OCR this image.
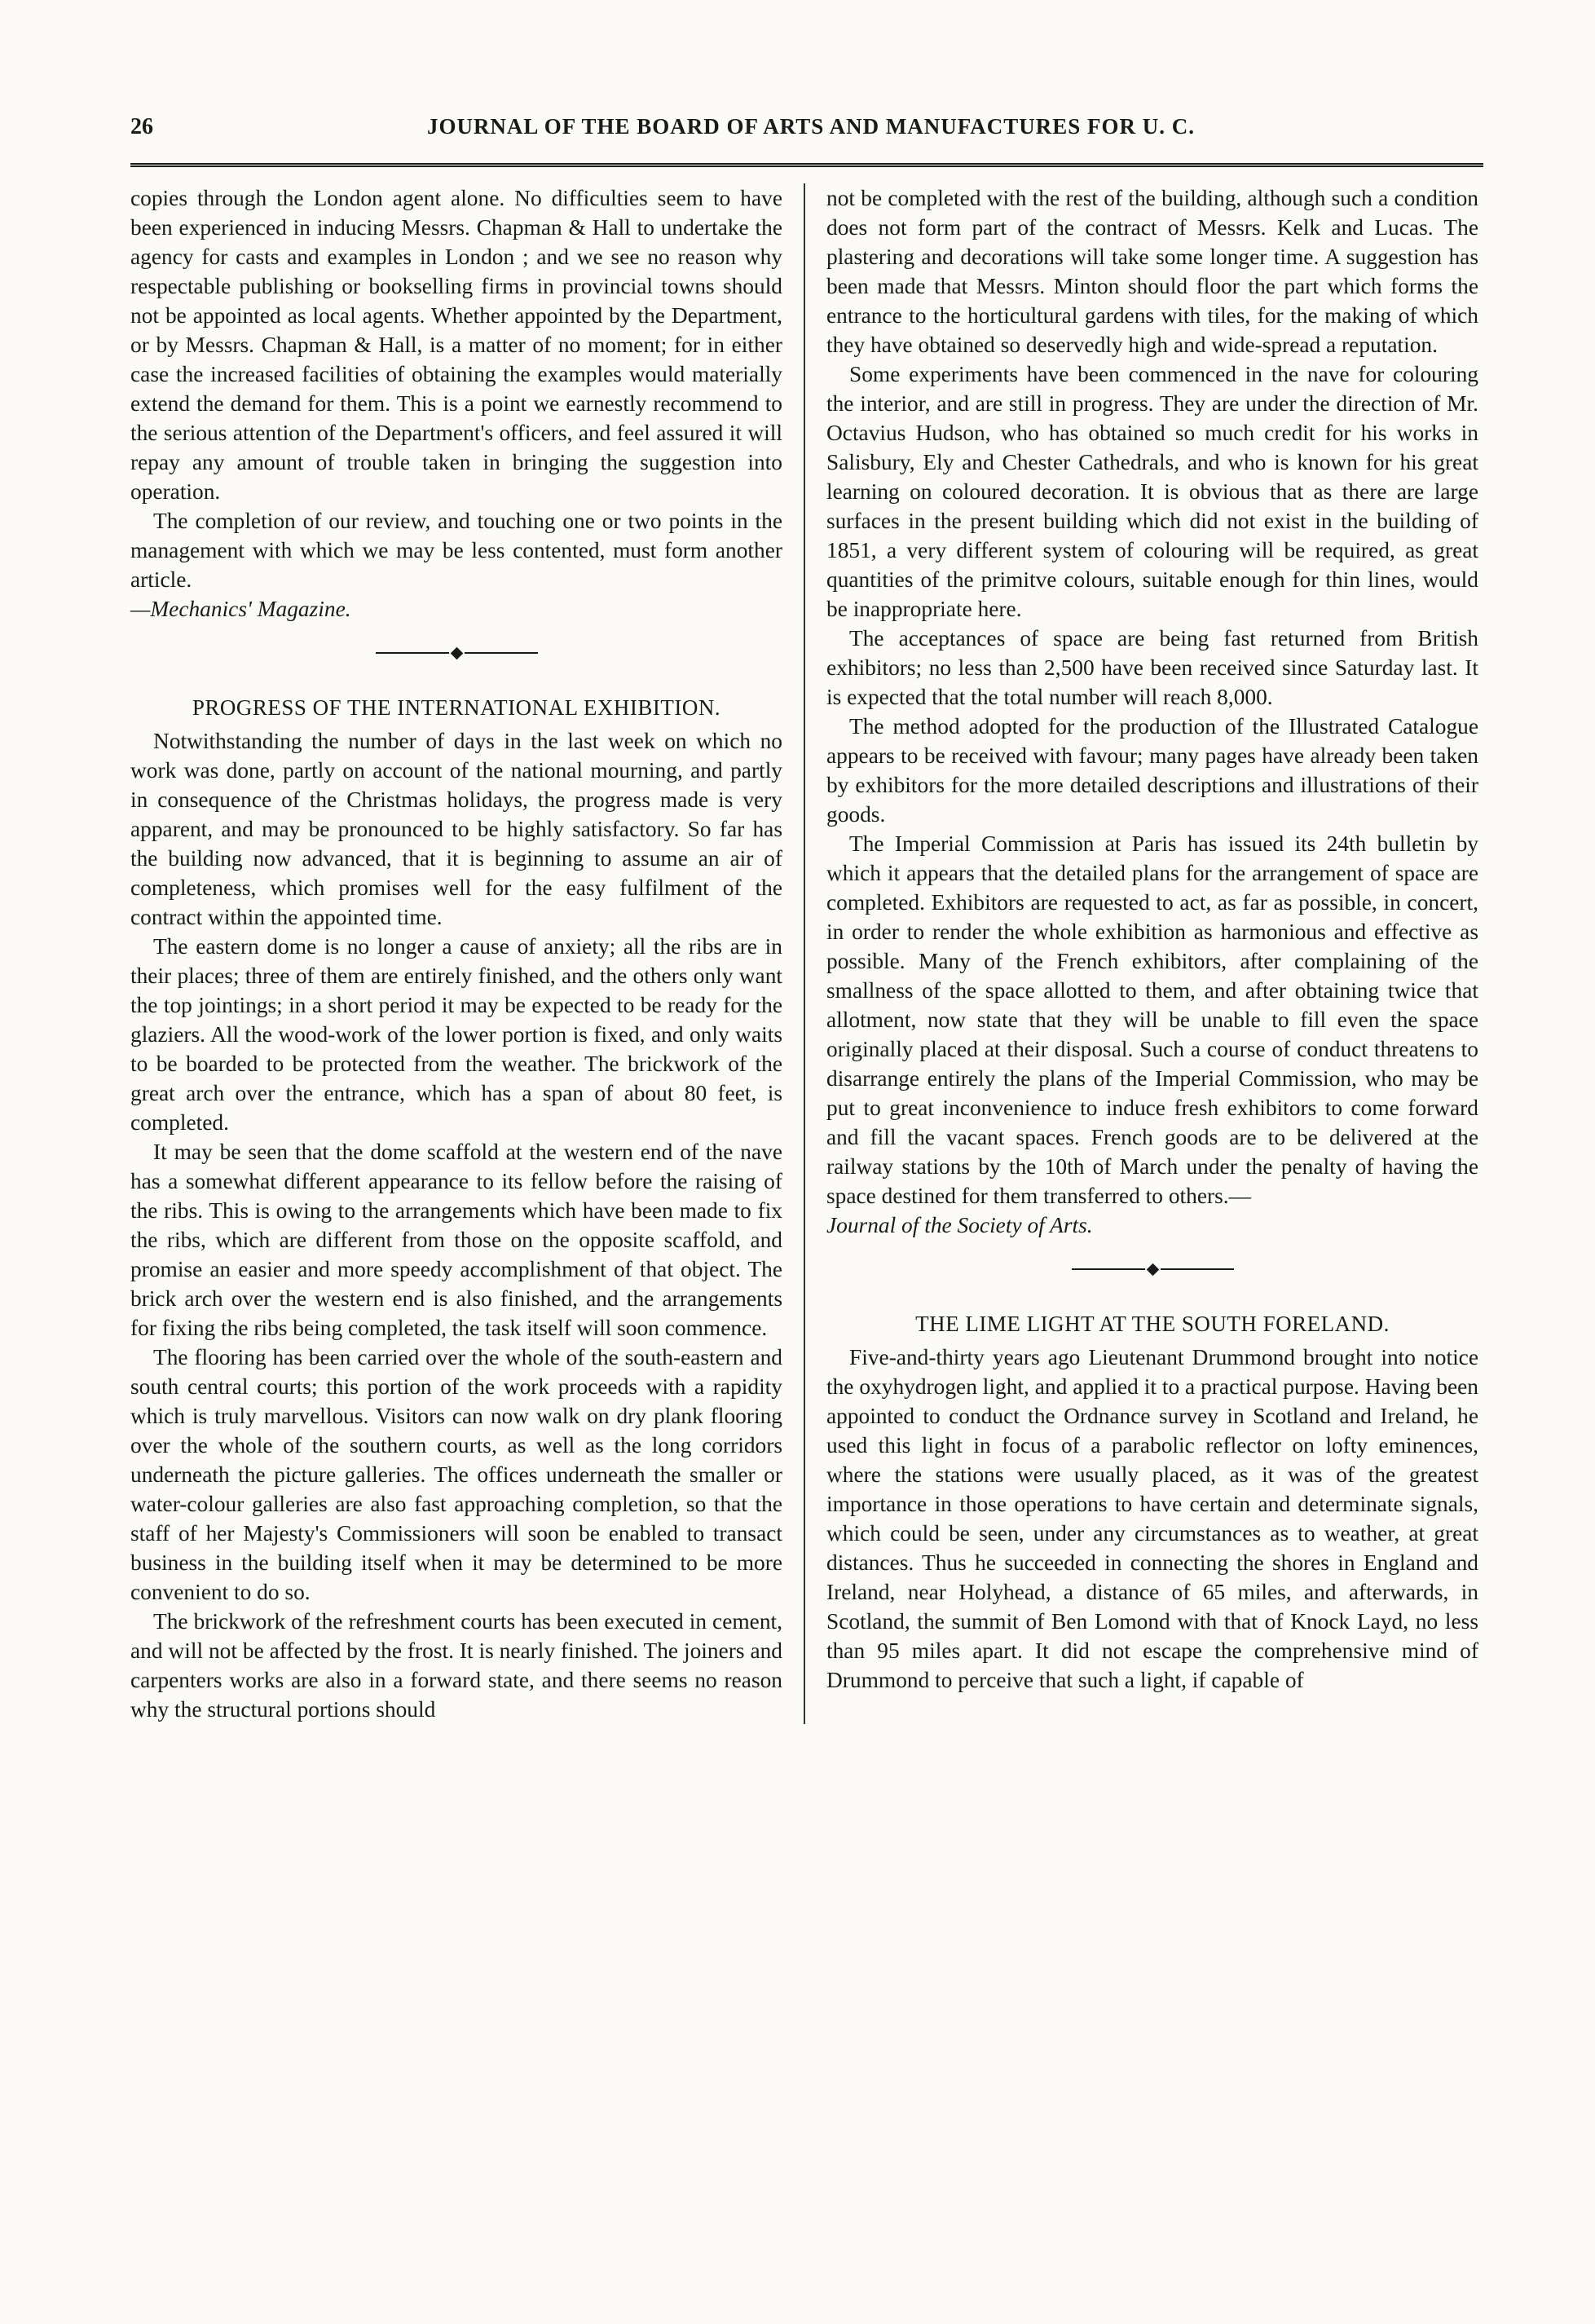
26	JOURNAL OF THE BOARD OF ARTS AND MANUFACTURES FOR U. C.

copies through the London agent alone. No difficulties seem to have been experienced in inducing Messrs. Chapman & Hall to undertake the agency for casts and examples in London ; and we see no reason why respectable publishing or bookselling firms in provincial towns should not be appointed as local agents. Whether appointed by the Department, or by Messrs. Chapman & Hall, is a matter of no moment; for in either case the increased facilities of obtaining the examples would materially extend the demand for them. This is a point we earnestly recommend to the serious attention of the Department's officers, and feel assured it will repay any amount of trouble taken in bringing the suggestion into operation.

The completion of our review, and touching one or two points in the management with which we may be less contented, must form another article.

—Mechanics' Magazine.

PROGRESS OF THE INTERNATIONAL EXHIBITION.

Notwithstanding the number of days in the last week on which no work was done, partly on account of the national mourning, and partly in consequence of the Christmas holidays, the progress made is very apparent, and may be pronounced to be highly satisfactory. So far has the building now advanced, that it is beginning to assume an air of completeness, which promises well for the easy fulfilment of the contract within the appointed time.

The eastern dome is no longer a cause of anxiety; all the ribs are in their places; three of them are entirely finished, and the others only want the top jointings; in a short period it may be expected to be ready for the glaziers. All the wood-work of the lower portion is fixed, and only waits to be boarded to be protected from the weather. The brickwork of the great arch over the entrance, which has a span of about 80 feet, is completed.

It may be seen that the dome scaffold at the western end of the nave has a somewhat different appearance to its fellow before the raising of the ribs. This is owing to the arrangements which have been made to fix the ribs, which are different from those on the opposite scaffold, and promise an easier and more speedy accomplishment of that object. The brick arch over the western end is also finished, and the arrangements for fixing the ribs being completed, the task itself will soon commence.

The flooring has been carried over the whole of the south-eastern and south central courts; this portion of the work proceeds with a rapidity which is truly marvellous. Visitors can now walk on dry plank flooring over the whole of the southern courts, as well as the long corridors underneath the picture galleries. The offices underneath the smaller or water-colour galleries are also fast approaching completion, so that the staff of her Majesty's Commissioners will soon be enabled to transact business in the building itself when it may be determined to be more convenient to do so.

The brickwork of the refreshment courts has been executed in cement, and will not be affected by the frost. It is nearly finished. The joiners and carpenters works are also in a forward state, and there seems no reason why the structural portions should

not be completed with the rest of the building, although such a condition does not form part of the contract of Messrs. Kelk and Lucas. The plastering and decorations will take some longer time. A suggestion has been made that Messrs. Minton should floor the part which forms the entrance to the horticultural gardens with tiles, for the making of which they have obtained so deservedly high and wide-spread a reputation.

Some experiments have been commenced in the nave for colouring the interior, and are still in progress. They are under the direction of Mr. Octavius Hudson, who has obtained so much credit for his works in Salisbury, Ely and Chester Cathedrals, and who is known for his great learning on coloured decoration. It is obvious that as there are large surfaces in the present building which did not exist in the building of 1851, a very different system of colouring will be required, as great quantities of the primitve colours, suitable enough for thin lines, would be inappropriate here.

The acceptances of space are being fast returned from British exhibitors; no less than 2,500 have been received since Saturday last. It is expected that the total number will reach 8,000.

The method adopted for the production of the Illustrated Catalogue appears to be received with favour; many pages have already been taken by exhibitors for the more detailed descriptions and illustrations of their goods.

The Imperial Commission at Paris has issued its 24th bulletin by which it appears that the detailed plans for the arrangement of space are completed. Exhibitors are requested to act, as far as possible, in concert, in order to render the whole exhibition as harmonious and effective as possible. Many of the French exhibitors, after complaining of the smallness of the space allotted to them, and after obtaining twice that allotment, now state that they will be unable to fill even the space originally placed at their disposal. Such a course of conduct threatens to disarrange entirely the plans of the Imperial Commission, who may be put to great inconvenience to induce fresh exhibitors to come forward and fill the vacant spaces. French goods are to be delivered at the railway stations by the 10th of March under the penalty of having the space destined for them transferred to others.—

Journal of the Society of Arts.

THE LIME LIGHT AT THE SOUTH FORELAND.

Five-and-thirty years ago Lieutenant Drummond brought into notice the oxyhydrogen light, and applied it to a practical purpose. Having been appointed to conduct the Ordnance survey in Scotland and Ireland, he used this light in focus of a parabolic reflector on lofty eminences, where the stations were usually placed, as it was of the greatest importance in those operations to have certain and determinate signals, which could be seen, under any circumstances as to weather, at great distances. Thus he succeeded in connecting the shores in England and Ireland, near Holyhead, a distance of 65 miles, and afterwards, in Scotland, the summit of Ben Lomond with that of Knock Layd, no less than 95 miles apart. It did not escape the comprehensive mind of Drummond to perceive that such a light, if capable of
